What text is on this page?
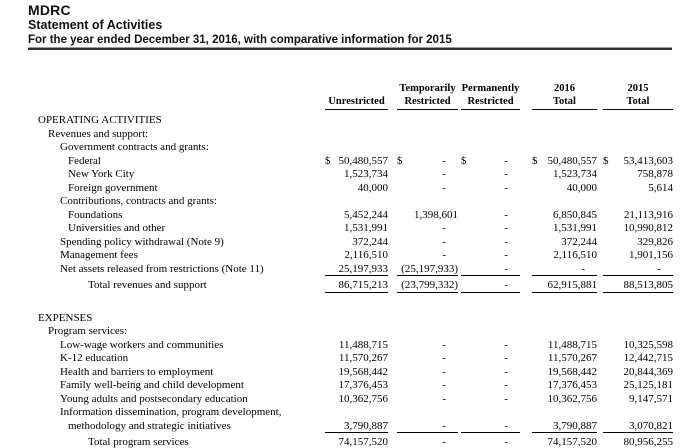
MDRC
Statement of Activities
For the year ended December 31, 2016, with comparative information for 2015
Unrestricted
Temporarily
Restricted
Permanently
Restricted
2016
Total
2015
Total
OPERATING ACTIVITIES
Revenues and support:
Government contracts and grants:
Federal	$ 50,480,557 $	- $	- $ 50,480,557 $ 53,413,603
New York City	1,523,734	-	-	1,523,734	758,878
Foreign government	40,000	-	-	40,000	5,614
Contributions, contracts and grants:
Foundations	5,452,244 1,398,601	-	6,850,845 21,113,916
Universities and other	1,531,991	-	-	1,531,991 10,990,812
Spending policy withdrawal (Note 9)	372,244	-	-	372,244	329,826
Management fees	2,116,510	-	-	2,116,510	1,901,156
Net assets released from restrictions (Note 11)	25,197,933 (25,197,933)	-	-	-
Total revenues and support	86,715,213 (23,799,332)	-	62,915,881 88,513,805
EXPENSES
Program services:
Low-wage workers and communities	11,488,715	-	-	11,488,715 10,325,598
K-12 education	11,570,267	-	-	11,570,267 12,442,715
Health and barriers to employment	19,568,442	-	-	19,568,442 20,844,369
Family well-being and child development	17,376,453	-	-	17,376,453 25,125,181
Young adults and postsecondary education	10,362,756	-	-	10,362,756	9,147,571
Information dissemination, program development,
methodology and strategic initiatives	3,790,887	-	-	3,790,887	3,070,821
Total program services	74,157,520	-	-	74,157,520 80,956,255
